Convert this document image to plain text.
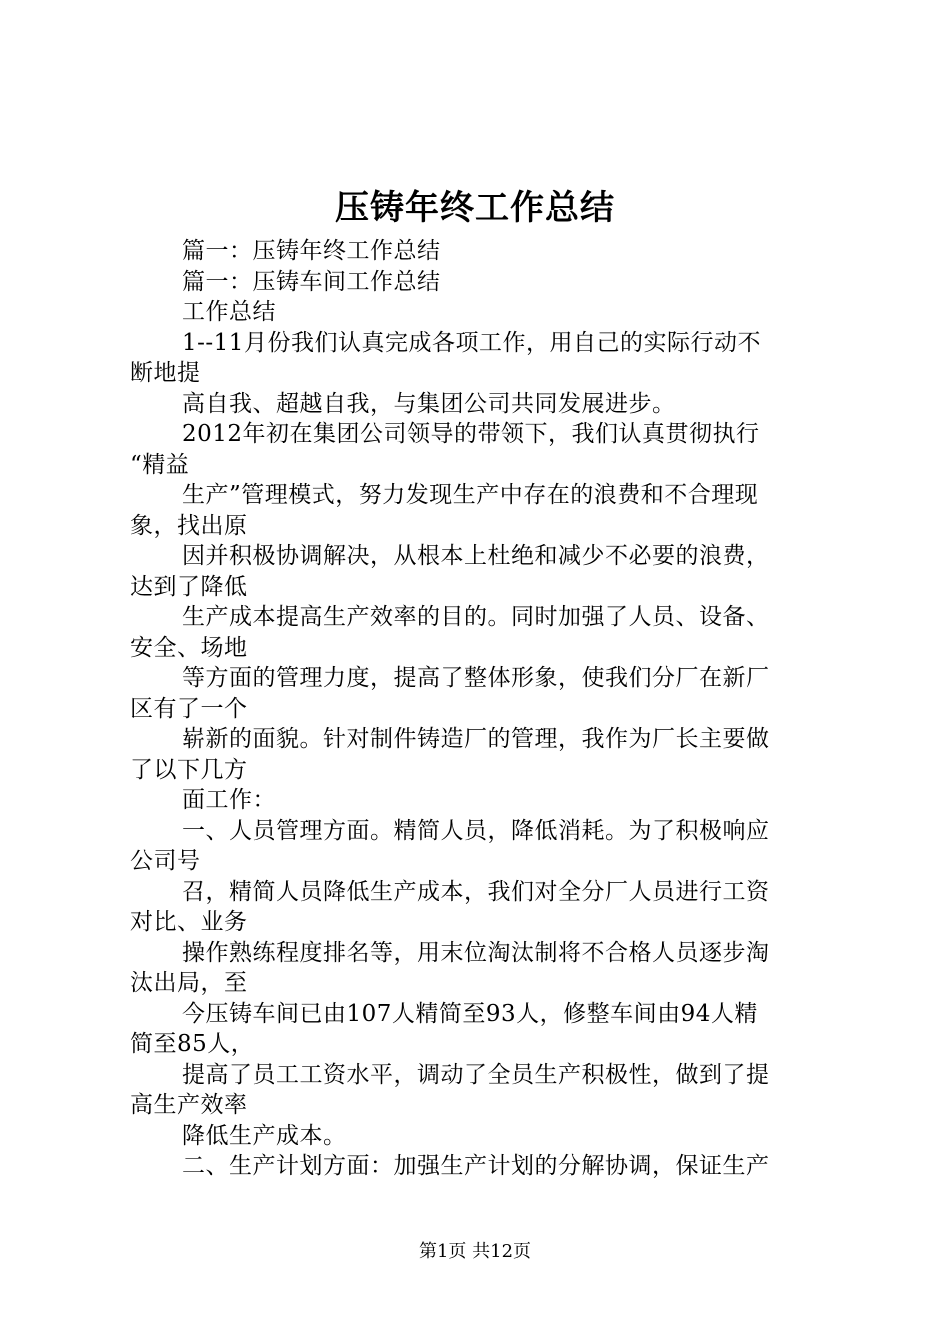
压铸年终工作总结
篇一：压铸年终工作总结
篇一：压铸车间工作总结
工作总结
1--11月份我们认真完成各项工作，用自己的实际行动不
断地提
高自我、超越自我，与集团公司共同发展进步。
2012年初在集团公司领导的带领下，我们认真贯彻执行
“精益
生产”管理模式，努力发现生产中存在的浪费和不合理现
象，找出原
因并积极协调解决，从根本上杜绝和减少不必要的浪费，
达到了降低
生产成本提高生产效率的目的。同时加强了人员、设备、
安全、场地
等方面的管理力度，提高了整体形象，使我们分厂在新厂
区有了一个
崭新的面貌。针对制件铸造厂的管理，我作为厂长主要做
了以下几方
面工作：
一、人员管理方面。精简人员，降低消耗。为了积极响应
公司号
召，精简人员降低生产成本，我们对全分厂人员进行工资
对比、业务
操作熟练程度排名等，用末位淘汰制将不合格人员逐步淘
汰出局，至
今压铸车间已由107人精简至93人，修整车间由94人精
简至85人，
提高了员工工资水平，调动了全员生产积极性，做到了提
高生产效率
降低生产成本。
二、生产计划方面：加强生产计划的分解协调，保证生产
第1页 共12页
